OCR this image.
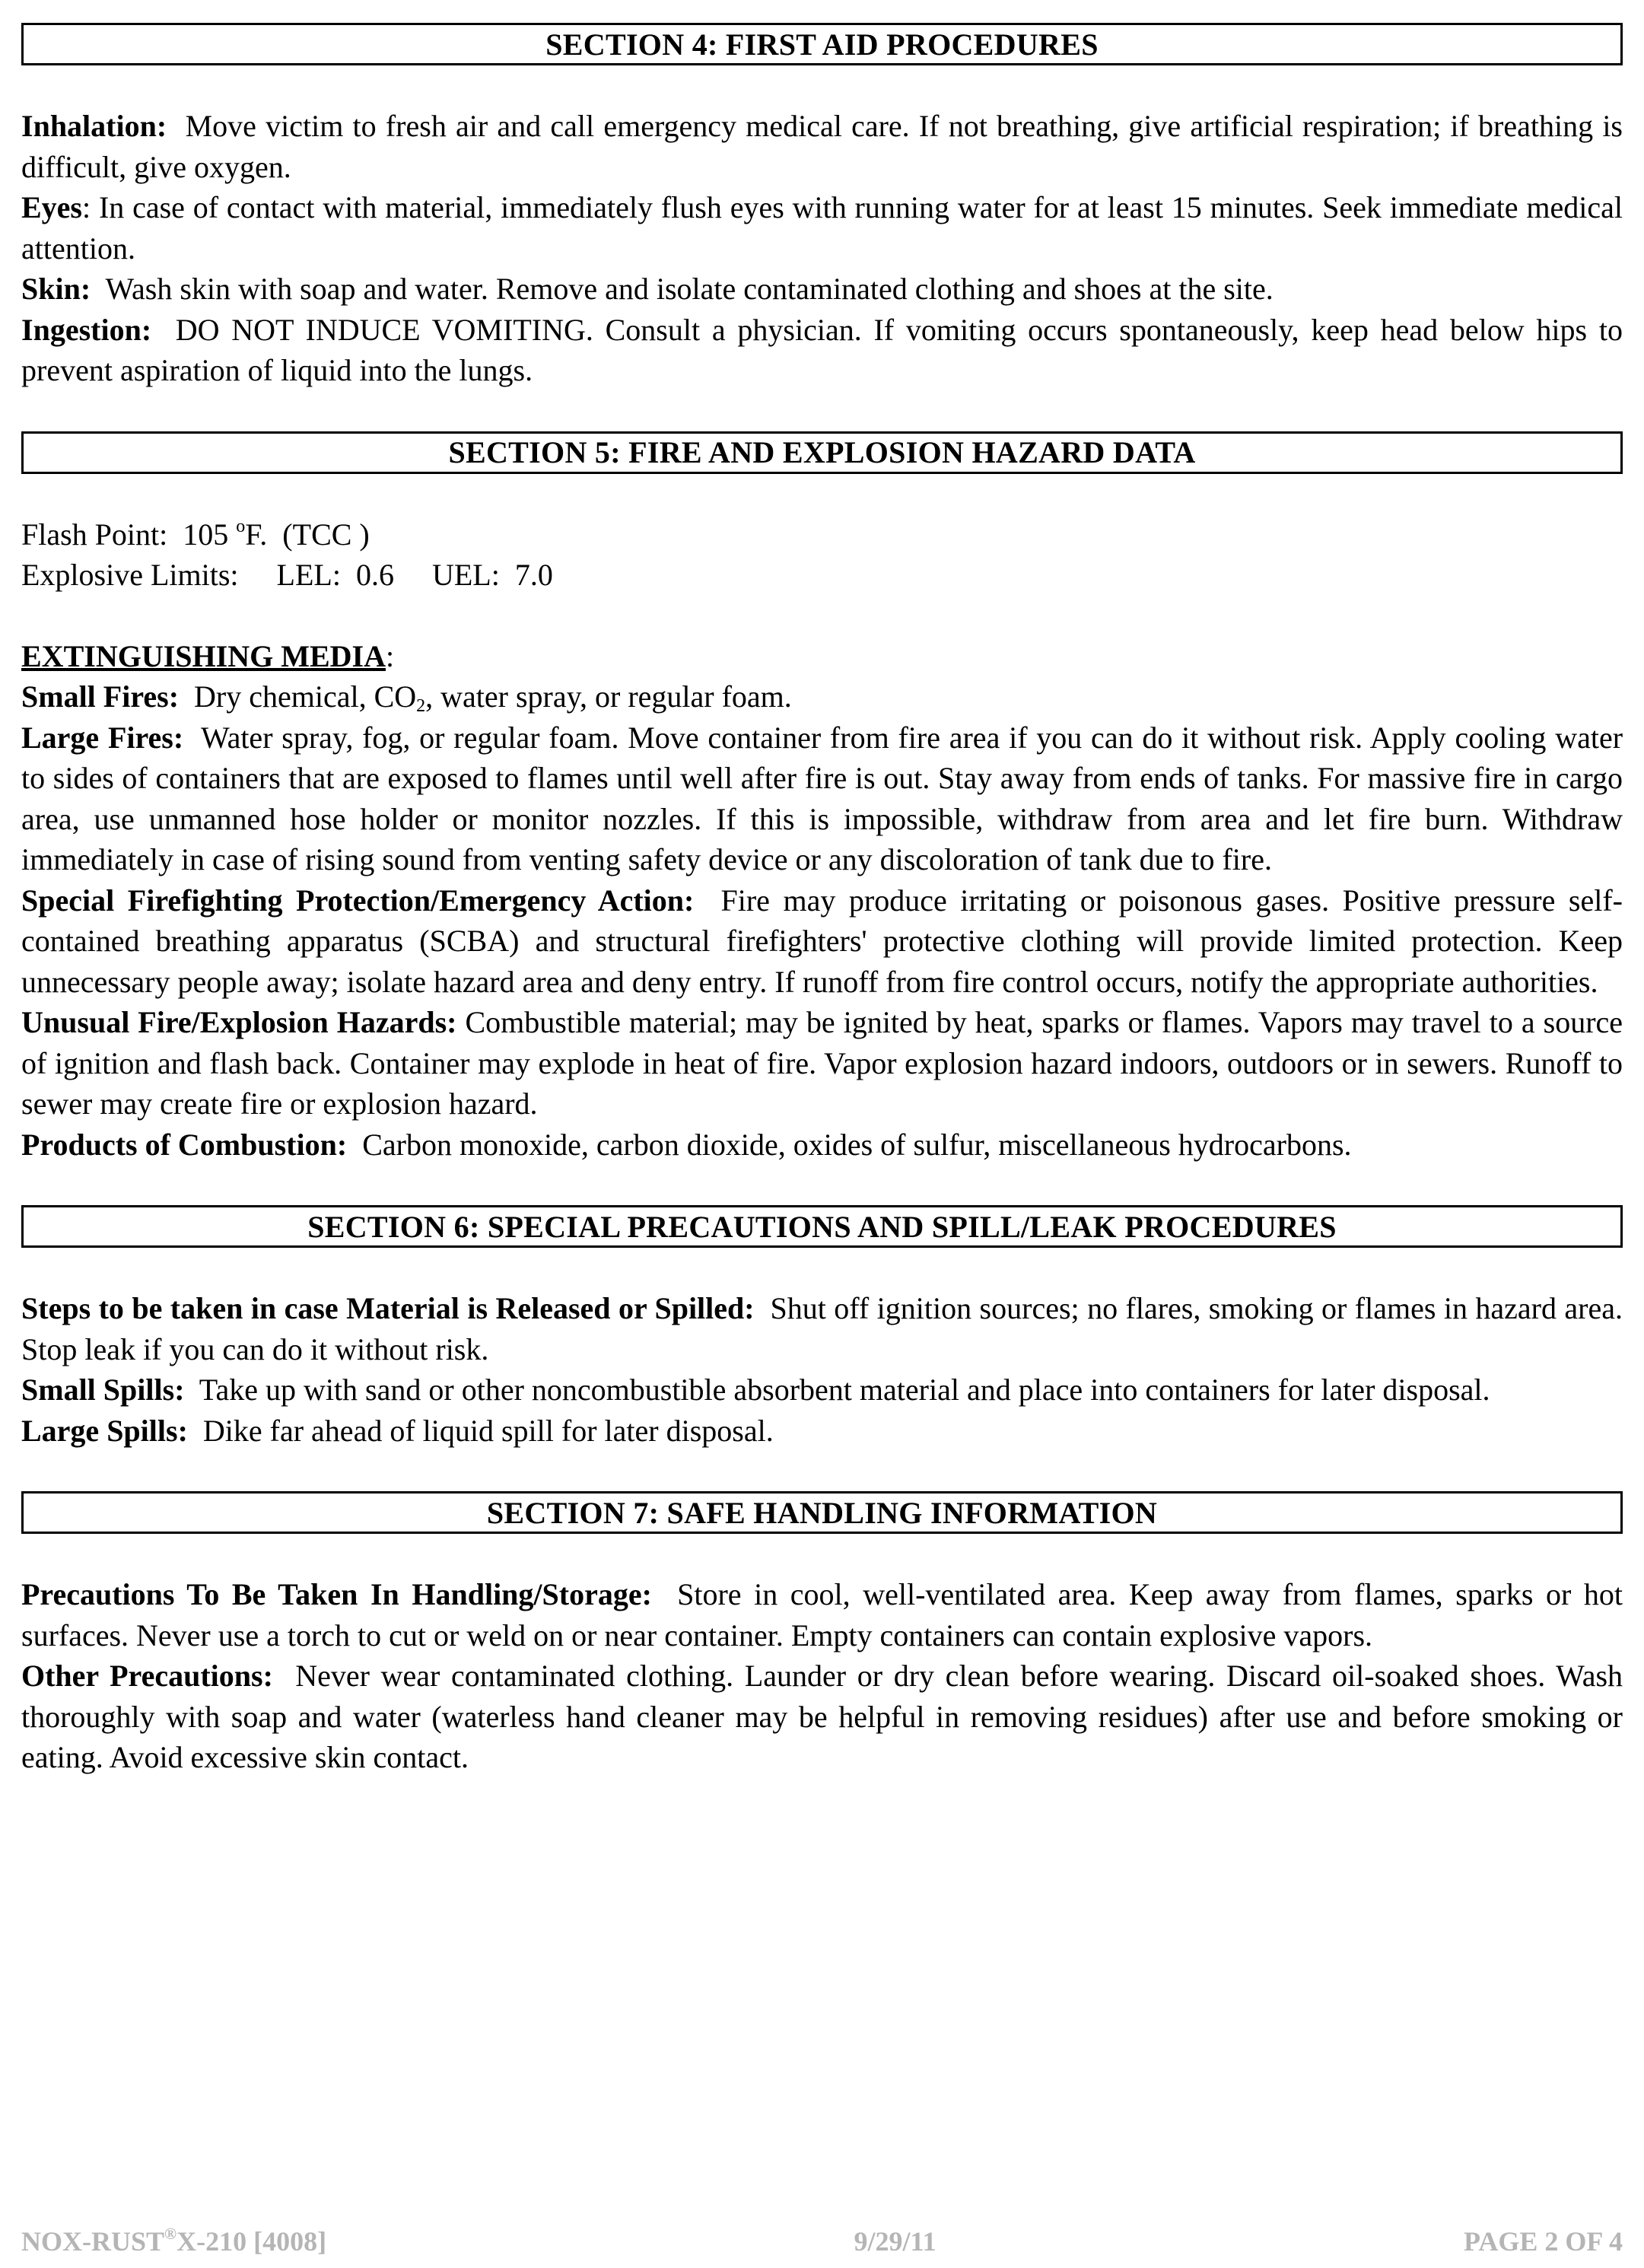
SECTION 4: FIRST AID PROCEDURES

Inhalation: Move victim to fresh air and call emergency medical care. If not breathing, give artificial respiration; if breathing is difficult, give oxygen.

Eyes: In case of contact with material, immediately flush eyes with running water for at least 15 minutes. Seek immediate medical attention.

Skin: Wash skin with soap and water. Remove and isolate contaminated clothing and shoes at the site.

Ingestion: DO NOT INDUCE VOMITING. Consult a physician. If vomiting occurs spontaneously, keep head below hips to prevent aspiration of liquid into the lungs.

SECTION 5: FIRE AND EXPLOSION HAZARD DATA

Flash Point:  105 $^o$F.  (TCC )

Explosive Limits:     LEL:  0.6     UEL:  7.0

EXTINGUISHING MEDIA:

Small Fires: Dry chemical, $CO_2$, water spray, or regular foam.

Large Fires: Water spray, fog, or regular foam. Move container from fire area if you can do it without risk. Apply cooling water to sides of containers that are exposed to flames until well after fire is out. Stay away from ends of tanks. For massive fire in cargo area, use unmanned hose holder or monitor nozzles. If this is impossible, withdraw from area and let fire burn. Withdraw immediately in case of rising sound from venting safety device or any discoloration of tank due to fire.

Special Firefighting Protection/Emergency Action: Fire may produce irritating or poisonous gases. Positive pressure self-contained breathing apparatus (SCBA) and structural firefighters' protective clothing will provide limited protection. Keep unnecessary people away; isolate hazard area and deny entry. If runoff from fire control occurs, notify the appropriate authorities.

Unusual Fire/Explosion Hazards: Combustible material; may be ignited by heat, sparks or flames. Vapors may travel to a source of ignition and flash back. Container may explode in heat of fire. Vapor explosion hazard indoors, outdoors or in sewers. Runoff to sewer may create fire or explosion hazard.

Products of Combustion: Carbon monoxide, carbon dioxide, oxides of sulfur, miscellaneous hydrocarbons.

SECTION 6: SPECIAL PRECAUTIONS AND SPILL/LEAK PROCEDURES

Steps to be taken in case Material is Released or Spilled: Shut off ignition sources; no flares, smoking or flames in hazard area. Stop leak if you can do it without risk.

Small Spills: Take up with sand or other noncombustible absorbent material and place into containers for later disposal.

Large Spills: Dike far ahead of liquid spill for later disposal.

SECTION 7: SAFE HANDLING INFORMATION

Precautions To Be Taken In Handling/Storage: Store in cool, well-ventilated area. Keep away from flames, sparks or hot surfaces. Never use a torch to cut or weld on or near container. Empty containers can contain explosive vapors.

Other Precautions: Never wear contaminated clothing. Launder or dry clean before wearing. Discard oil-soaked shoes. Wash thoroughly with soap and water (waterless hand cleaner may be helpful in removing residues) after use and before smoking or eating. Avoid excessive skin contact.

NOX-RUST®X-210 [4008]	9/29/11	PAGE 2 OF 4
